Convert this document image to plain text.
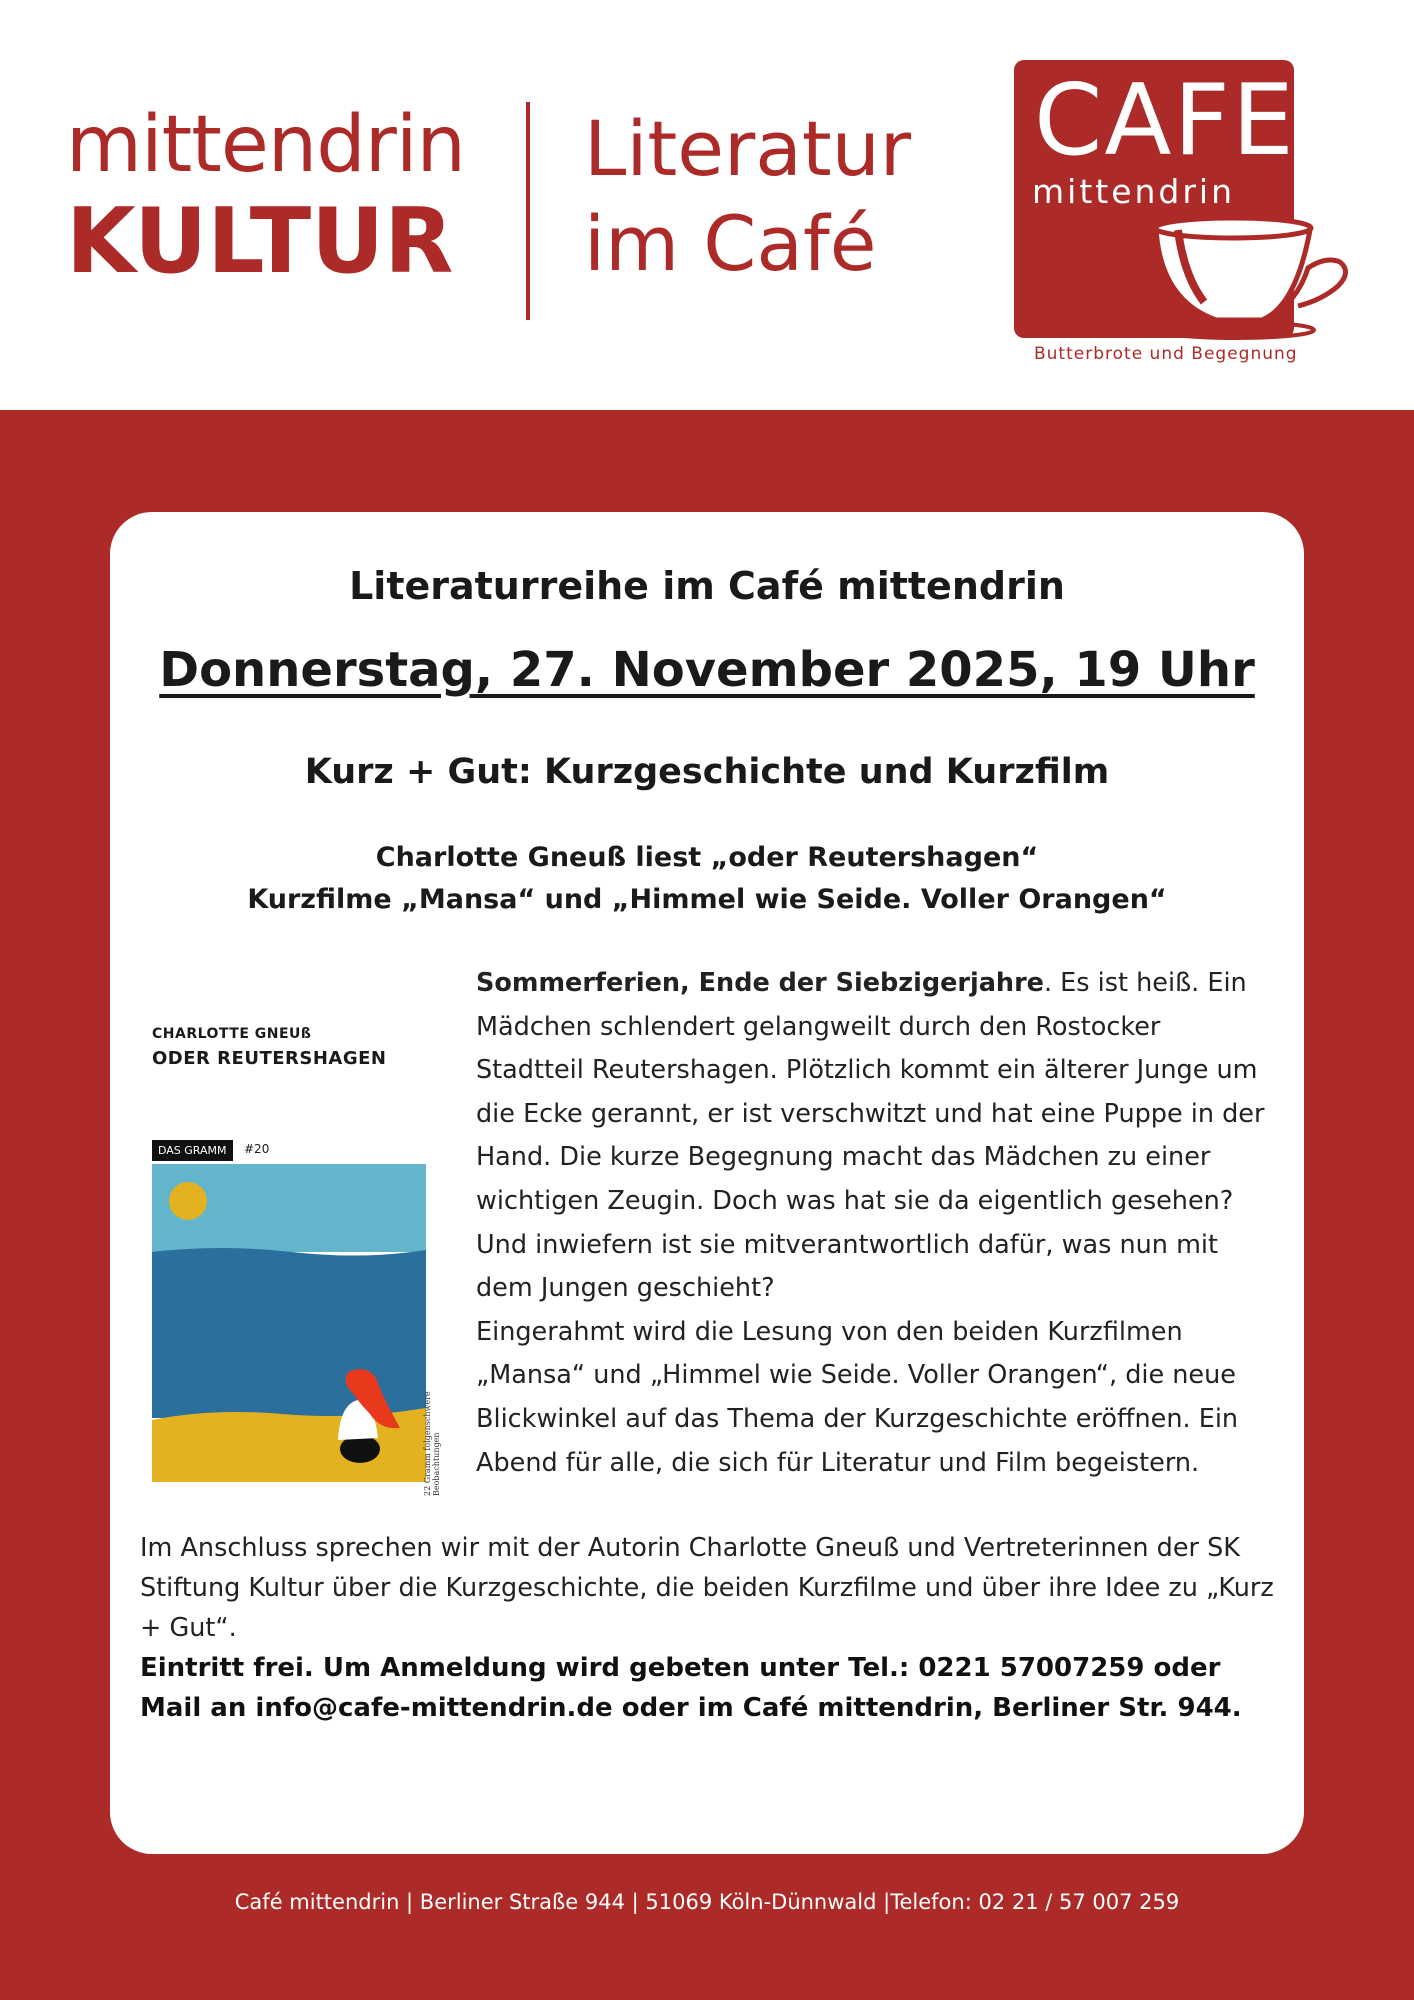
mittendrin
KULTUR
Literatur
im Café
CAFE
mittendrin
Butterbrote und Begegnung
Literaturreihe im Café mittendrin
Donnerstag, 27. November 2025, 19 Uhr
Kurz + Gut: Kurzgeschichte und Kurzfilm
Charlotte Gneuß liest „oder Reutershagen“
Kurzfilme „Mansa“ und „Himmel wie Seide. Voller Orangen“
CHARLOTTE GNEUß
ODER REUTERSHAGEN
DAS GRAMM	#20
22 Gramm folgenschwere Beobachtungen
Sommerferien, Ende der Siebzigerjahre. Es ist heiß. Ein Mädchen schlendert gelangweilt durch den Rostocker Stadtteil Reutershagen. Plötzlich kommt ein älterer Junge um die Ecke gerannt, er ist verschwitzt und hat eine Puppe in der Hand. Die kurze Begegnung macht das Mädchen zu einer wichtigen Zeugin. Doch was hat sie da eigentlich gesehen? Und inwiefern ist sie mitverantwortlich dafür, was nun mit dem Jungen geschieht?
Eingerahmt wird die Lesung von den beiden Kurzfilmen „Mansa“ und „Himmel wie Seide. Voller Orangen“, die neue Blickwinkel auf das Thema der Kurzgeschichte eröffnen. Ein Abend für alle, die sich für Literatur und Film begeistern.
Im Anschluss sprechen wir mit der Autorin Charlotte Gneuß und Vertreterinnen der SK Stiftung Kultur über die Kurzgeschichte, die beiden Kurzfilme und über ihre Idee zu „Kurz + Gut“.
Eintritt frei. Um Anmeldung wird gebeten unter Tel.: 0221 57007259 oder Mail an info@cafe-mittendrin.de oder im Café mittendrin, Berliner Str. 944.
Café mittendrin | Berliner Straße 944 | 51069 Köln-Dünnwald |Telefon: 02 21 / 57 007 259
